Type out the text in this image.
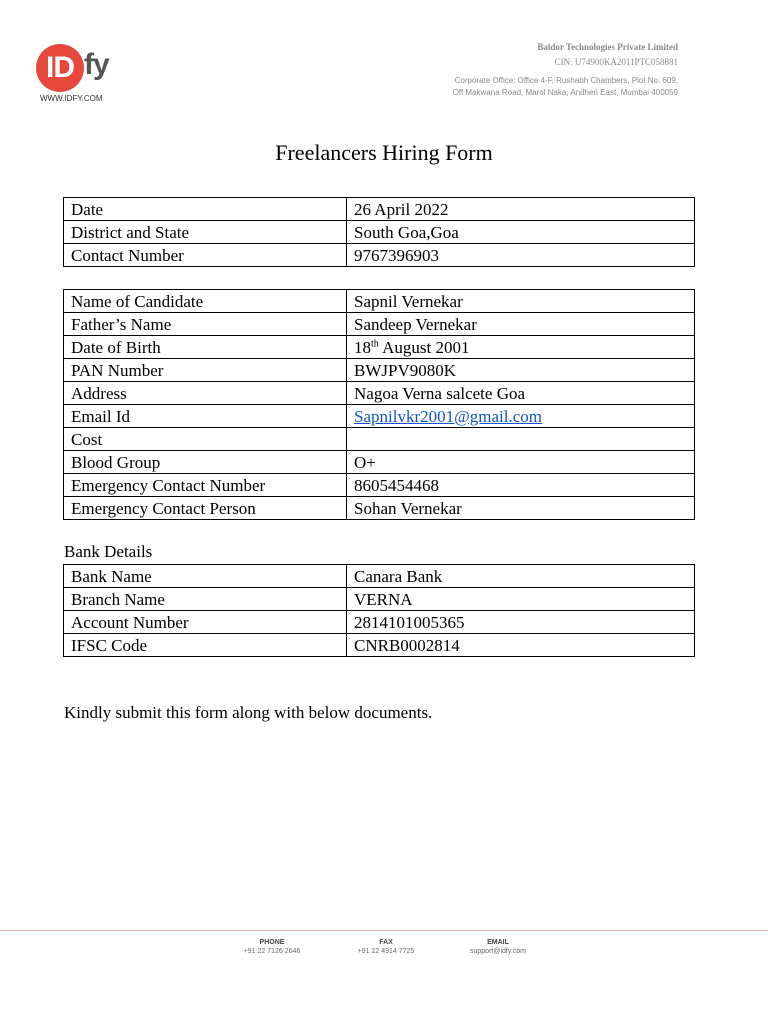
ID fy
WWW.IDFY.COM
Baldor Technologies Private Limited
CIN: U74900KA2011PTC058881
Corporate Office: Office 4-F, Rushabh Chambers, Plot No. 609,
Off Makwana Road, Marol Naka, Andheri East, Mumbai 400059
Freelancers Hiring Form
Date	26 April 2022
District and State	South Goa,Goa
Contact Number	9767396903
Name of Candidate	Sapnil Vernekar
Father’s Name	Sandeep Vernekar
Date of Birth	18th August 2001
PAN Number	BWJPV9080K
Address	Nagoa Verna salcete Goa
Email Id	Sapnilvkr2001@gmail.com
Cost	
Blood Group	O+
Emergency Contact Number	8605454468
Emergency Contact Person	Sohan Vernekar
Bank Details
Bank Name	Canara Bank
Branch Name	VERNA
Account Number	2814101005365
IFSC Code	CNRB0002814
Kindly submit this form along with below documents.
PHONE
+91 22 7126 2646
FAX
+91 22 4914 7725
EMAIL
support@idfy.com
